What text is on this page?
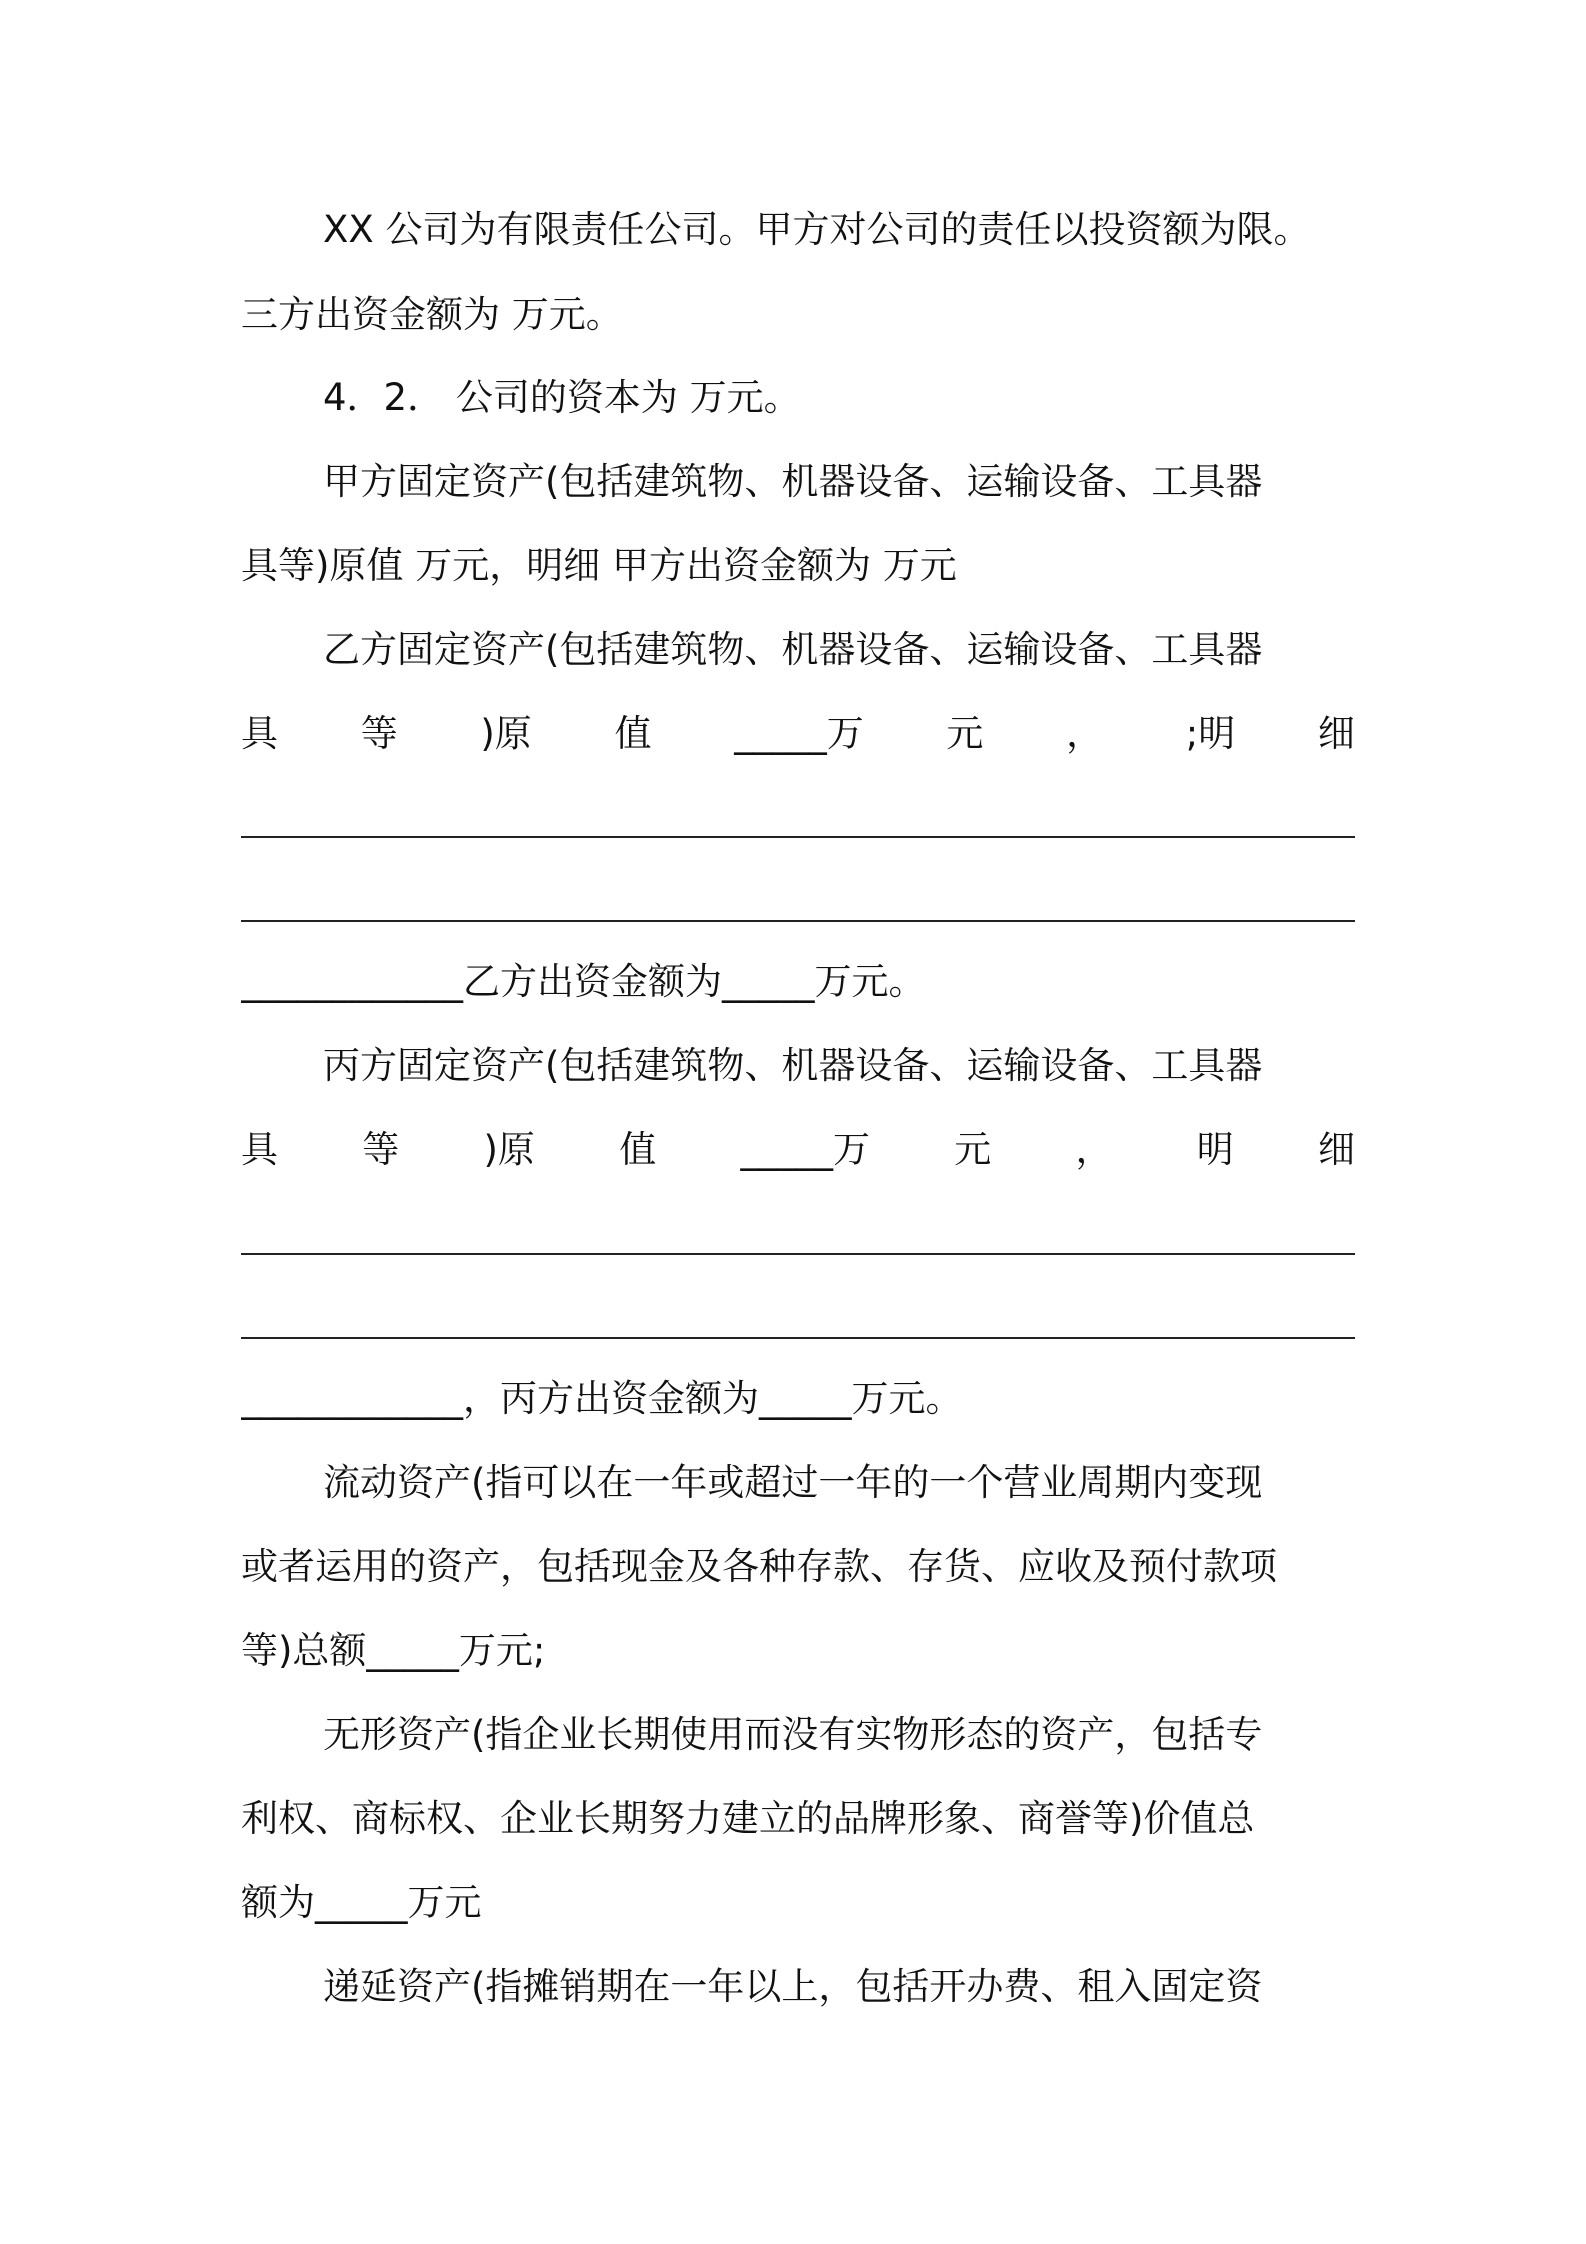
XX 公司为有限责任公司。甲方对公司的责任以投资额为限。
三方出资金额为 万元。
4．2． 公司的资本为 万元。
甲方固定资产(包括建筑物、机器设备、运输设备、工具器
具等)原值 万元，明细 甲方出资金额为 万元
乙方固定资产(包括建筑物、机器设备、运输设备、工具器
具 等 )原 值 _____万 元 ， ;明 细
____________乙方出资金额为_____万元。
丙方固定资产(包括建筑物、机器设备、运输设备、工具器
具 等 )原 值 _____万 元 ， 明 细
____________，丙方出资金额为_____万元。
流动资产(指可以在一年或超过一年的一个营业周期内变现
或者运用的资产，包括现金及各种存款、存货、应收及预付款项
等)总额_____万元;
无形资产(指企业长期使用而没有实物形态的资产，包括专
利权、商标权、企业长期努力建立的品牌形象、商誉等)价值总
额为_____万元
递延资产(指摊销期在一年以上，包括开办费、租入固定资
